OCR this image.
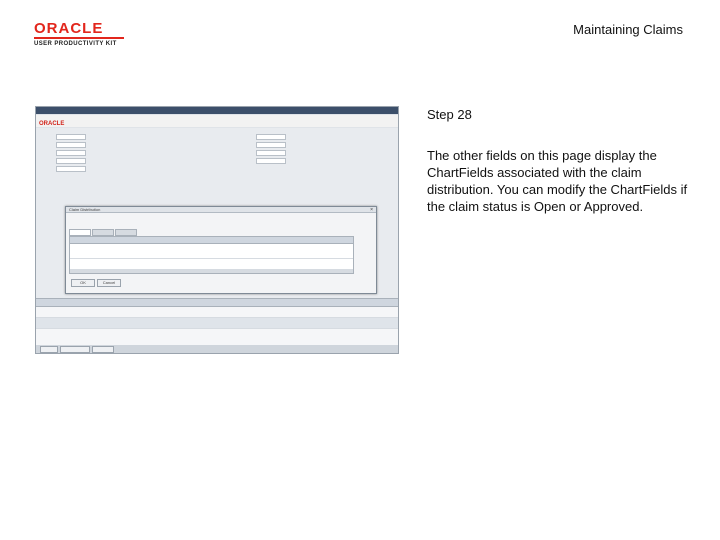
ORACLE
USER PRODUCTIVITY KIT
Maintaining Claims
ORACLE
Claim Distribution	×
OK	Cancel
Step 28
The other fields on this page display the ChartFields associated with the claim distribution. You can modify the ChartFields if the claim status is Open or Approved.
